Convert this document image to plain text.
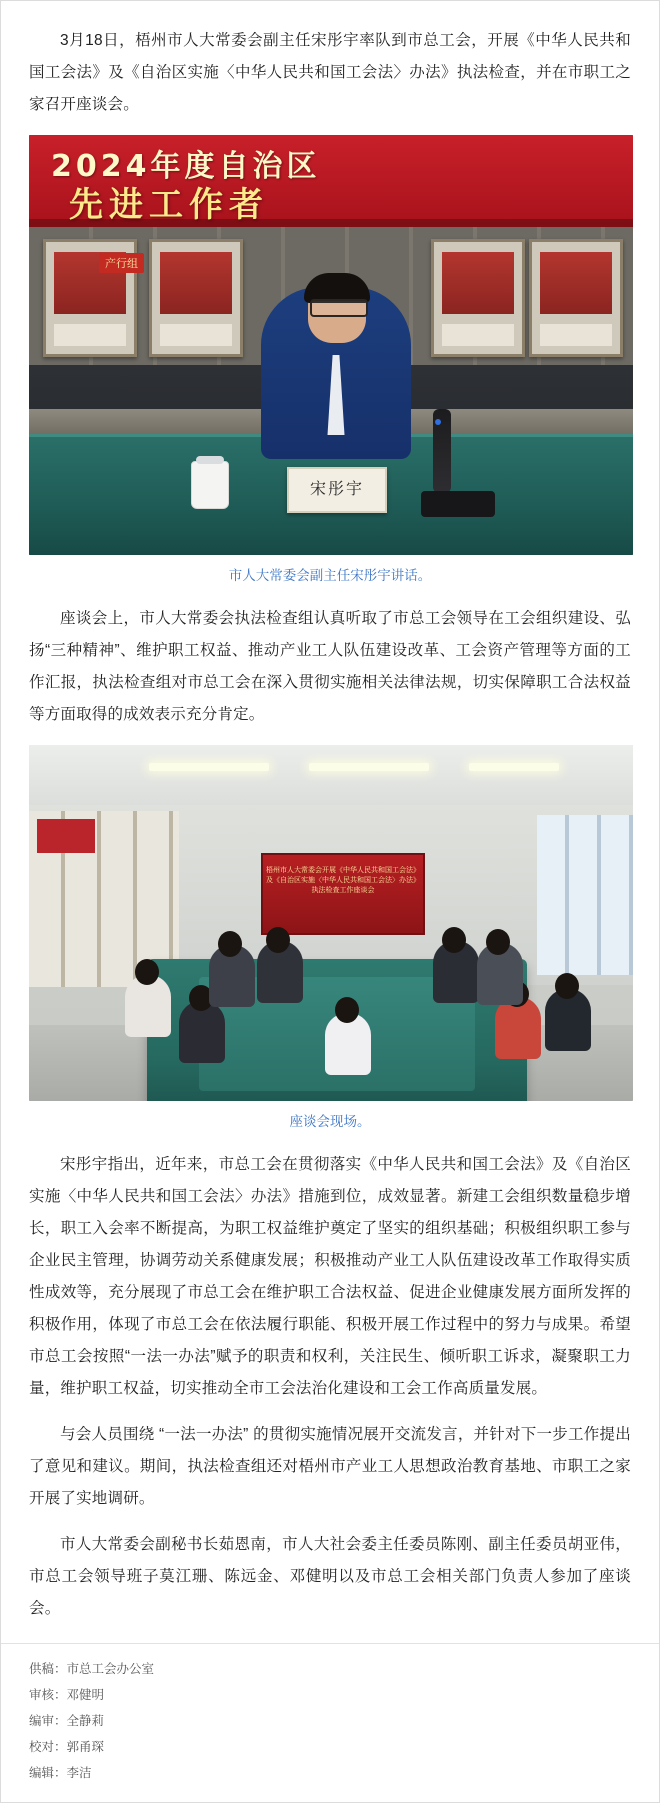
3月18日，梧州市人大常委会副主任宋彤宇率队到市总工会，开展《中华人民共和国工会法》及《自治区实施〈中华人民共和国工会法〉办法》执法检查，并在市职工之家召开座谈会。

2024年度自治区
先进工作者
产行组
宋彤宇
市人大常委会副主任宋彤宇讲话。

座谈会上，市人大常委会执法检查组认真听取了市总工会领导在工会组织建设、弘扬“三种精神”、维护职工权益、推动产业工人队伍建设改革、工会资产管理等方面的工作汇报，执法检查组对市总工会在深入贯彻实施相关法律法规，切实保障职工合法权益等方面取得的成效表示充分肯定。

梧州市人大常委会开展《中华人民共和国工会法》及《自治区实施〈中华人民共和国工会法〉办法》执法检查工作座谈会
座谈会现场。

宋彤宇指出，近年来，市总工会在贯彻落实《中华人民共和国工会法》及《自治区实施〈中华人民共和国工会法〉办法》措施到位，成效显著。新建工会组织数量稳步增长，职工入会率不断提高，为职工权益维护奠定了坚实的组织基础；积极组织职工参与企业民主管理，协调劳动关系健康发展；积极推动产业工人队伍建设改革工作取得实质性成效等，充分展现了市总工会在维护职工合法权益、促进企业健康发展方面所发挥的积极作用，体现了市总工会在依法履行职能、积极开展工作过程中的努力与成果。希望市总工会按照“一法一办法”赋予的职责和权利，关注民生、倾听职工诉求，凝聚职工力量，维护职工权益，切实推动全市工会法治化建设和工会工作高质量发展。

与会人员围绕 “一法一办法” 的贯彻实施情况展开交流发言，并针对下一步工作提出了意见和建议。期间，执法检查组还对梧州市产业工人思想政治教育基地、市职工之家开展了实地调研。

市人大常委会副秘书长茹恩南，市人大社会委主任委员陈刚、副主任委员胡亚伟，市总工会领导班子莫江珊、陈远金、邓健明以及市总工会相关部门负责人参加了座谈会。

供稿：市总工会办公室
审核：邓健明
编审：全静莉
校对：郭甬琛
编辑：李洁
